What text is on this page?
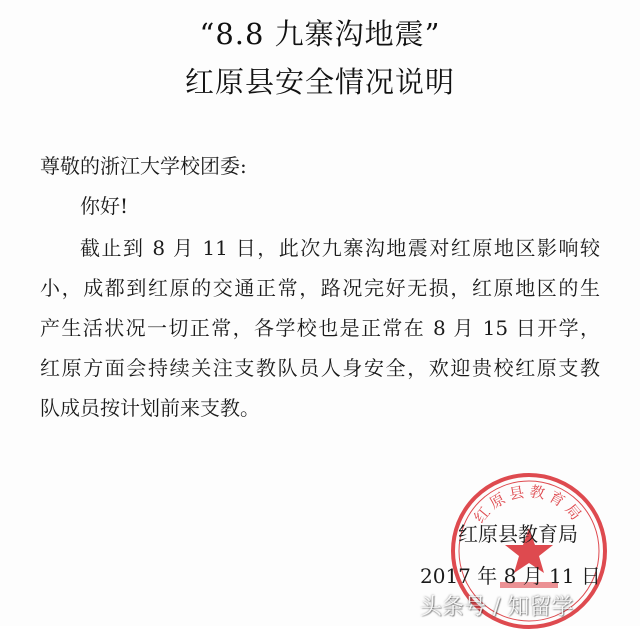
“8.8 九寨沟地震”
红原县安全情况说明
尊敬的浙江大学校团委:
你好!
截止到 8 月 11 日，此次九寨沟地震对红原地区影响较
小，成都到红原的交通正常，路况完好无损，红原地区的生
产生活状况一切正常，各学校也是正常在 8 月 15 日开学，
红原方面会持续关注支教队员人身安全，欢迎贵校红原支教
队成员按计划前来支教。
红原县教育局
红原县教育局
2017 年 8 月 11 日
头条号 / 知留学
